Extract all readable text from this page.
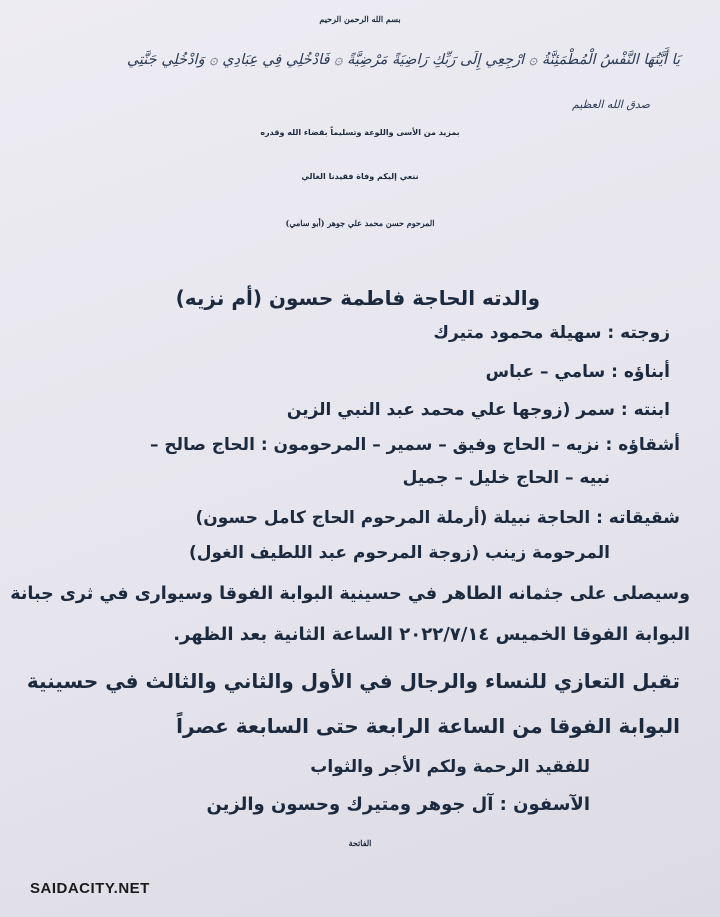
بسم الله الرحمن الرحيم
يَا أَيَّتُهَا النَّفْسُ الْمُطْمَئِنَّةُ ۞ ارْجِعِي إِلَى رَبِّكِ رَاضِيَةً مَرْضِيَّةً ۞ فَادْخُلِي فِي عِبَادِي ۞ وَادْخُلِي جَنَّتِي
صدق الله العظيم
بمزيد من الأسى واللوعة وتسليماً بقضاء الله وقدره
ننعي إليكم وفاة فقيدنا الغالي
المرحوم حسن محمد علي جوهر (أبو سامي)
والدته الحاجة فاطمة حسون (أم نزيه)
زوجته : سهيلة محمود متيرك
أبناؤه : سامي – عباس
ابنته : سمر (زوجها علي محمد عبد النبي الزين
أشقاؤه : نزيه – الحاج وفيق – سمير – المرحومون : الحاج صالح –
نبيه – الحاج خليل – جميل
شقيقاته : الحاجة نبيلة (أرملة المرحوم الحاج كامل حسون)
المرحومة زينب (زوجة المرحوم عبد اللطيف الغول)
وسيصلى على جثمانه الطاهر في حسينية البوابة الفوقا وسيوارى في ثرى جبانة
البوابة الفوقا الخميس ٢٠٢٢/٧/١٤ الساعة الثانية بعد الظهر.
تقبل التعازي للنساء والرجال في الأول والثاني والثالث في حسينية
البوابة الفوقا من الساعة الرابعة حتى السابعة عصراً
للفقيد الرحمة ولكم الأجر والثواب
الآسفون : آل جوهر ومتيرك وحسون والزين
الفاتحة
SAIDACITY.NET
